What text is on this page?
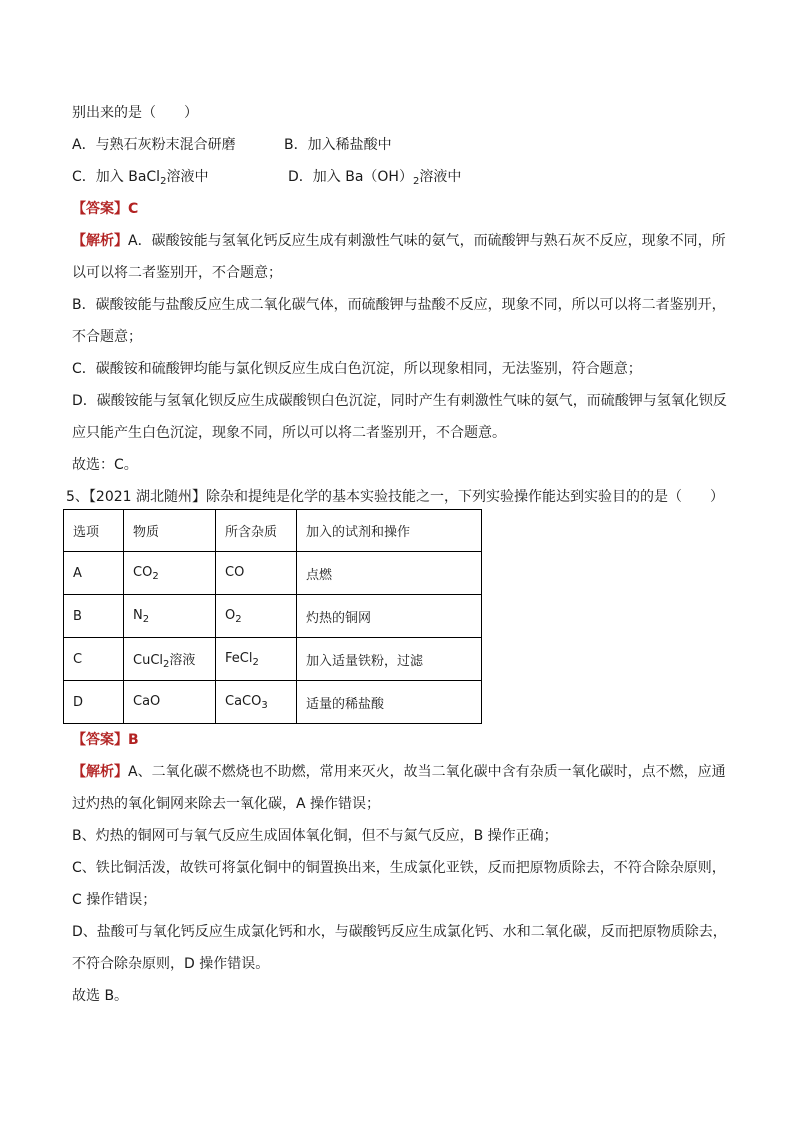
别出来的是（　　）
A．与熟石灰粉末混合研磨	B．加入稀盐酸中
C．加入 BaCl$_2$溶液中	D．加入 $Ba(OH)_2$溶液中
【答案】C
【解析】A．碳酸铵能与氢氧化钙反应生成有刺激性气味的氨气，而硫酸钾与熟石灰不反应，现象不同，所
以可以将二者鉴别开，不合题意；
B．碳酸铵能与盐酸反应生成二氧化碳气体，而硫酸钾与盐酸不反应，现象不同，所以可以将二者鉴别开，
不合题意；
C．碳酸铵和硫酸钾均能与氯化钡反应生成白色沉淀，所以现象相同，无法鉴别，符合题意；
D．碳酸铵能与氢氧化钡反应生成碳酸钡白色沉淀，同时产生有刺激性气味的氨气，而硫酸钾与氢氧化钡反
应只能产生白色沉淀，现象不同，所以可以将二者鉴别开，不合题意。
故选：C。
5、【2021 湖北随州】除杂和提纯是化学的基本实验技能之一，下列实验操作能达到实验目的的是（　　）
选项	物质	所含杂质	加入的试剂和操作
A	$CO_2$	CO	点燃
B	$N_2$	$O_2$	灼热的铜网
C	CuCl$_2$溶液	FeCl$_2$	加入适量铁粉，过滤
D	CaO	CaCO$_3$	适量的稀盐酸
【答案】B
【解析】A、二氧化碳不燃烧也不助燃，常用来灭火，故当二氧化碳中含有杂质一氧化碳时，点不燃，应通
过灼热的氧化铜网来除去一氧化碳，A 操作错误；
B、灼热的铜网可与氧气反应生成固体氧化铜，但不与氮气反应，B 操作正确；
C、铁比铜活泼，故铁可将氯化铜中的铜置换出来，生成氯化亚铁，反而把原物质除去，不符合除杂原则，
C 操作错误；
D、盐酸可与氧化钙反应生成氯化钙和水，与碳酸钙反应生成氯化钙、水和二氧化碳，反而把原物质除去，
不符合除杂原则，D 操作错误。
故选 B。
